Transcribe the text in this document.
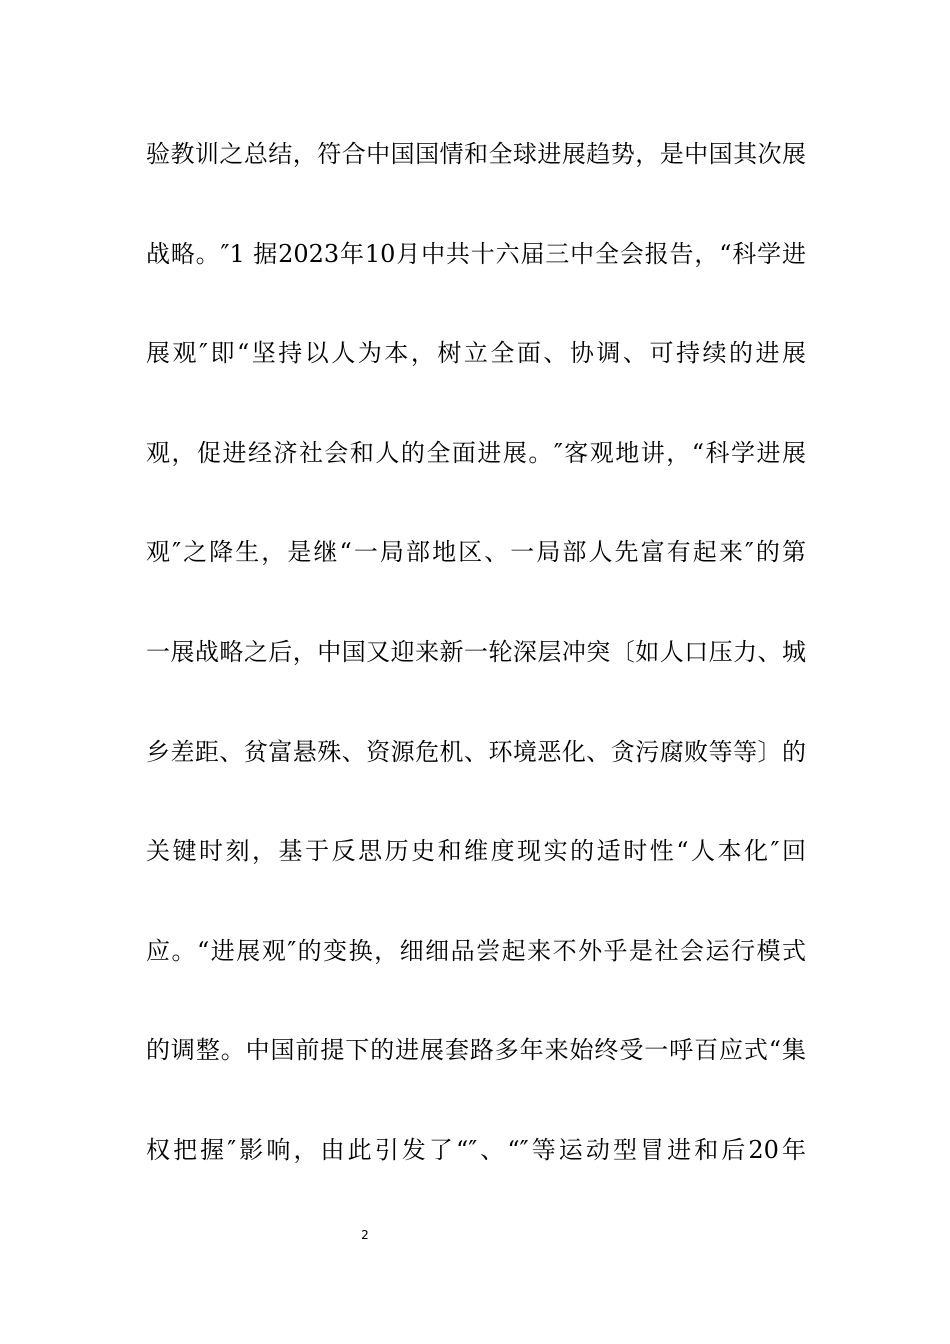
验教训之总结，符合中国国情和全球进展趋势，是中国其次展
战略。″1 据2023年10月中共十六届三中全会报告，“科学进
展观″即“坚持以人为本，树立全面、协调、可持续的进展
观，促进经济社会和人的全面进展。″客观地讲，“科学进展
观″之降生，是继“一局部地区、一局部人先富有起来″的第
一展战略之后，中国又迎来新一轮深层冲突〔如人口压力、城
乡差距、贫富悬殊、资源危机、环境恶化、贪污腐败等等〕的
关键时刻，基于反思历史和维度现实的适时性“人本化″回
应。“进展观″的变换，细细品尝起来不外乎是社会运行模式
的调整。中国前提下的进展套路多年来始终受一呼百应式“集
权把握″影响，由此引发了“″、“″等运动型冒进和后20年
2
